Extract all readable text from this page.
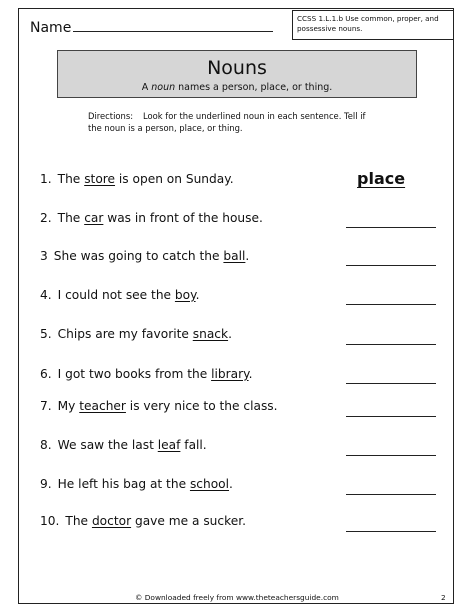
Name
CCSS 1.L.1.b Use common, proper, and
possessive nouns.
Nouns
A noun names a person, place, or thing.
Directions: Look for the underlined noun in each sentence. Tell if
the noun is a person, place, or thing.
1. The store is open on Sunday.
2. The car was in front of the house.
3 She was going to catch the ball.
4. I could not see the boy.
5. Chips are my favorite snack.
6. I got two books from the library.
7. My teacher is very nice to the class.
8. We saw the last leaf fall.
9. He left his bag at the school.
10. The doctor gave me a sucker.
place
© Downloaded freely from www.theteachersguide.com	2
